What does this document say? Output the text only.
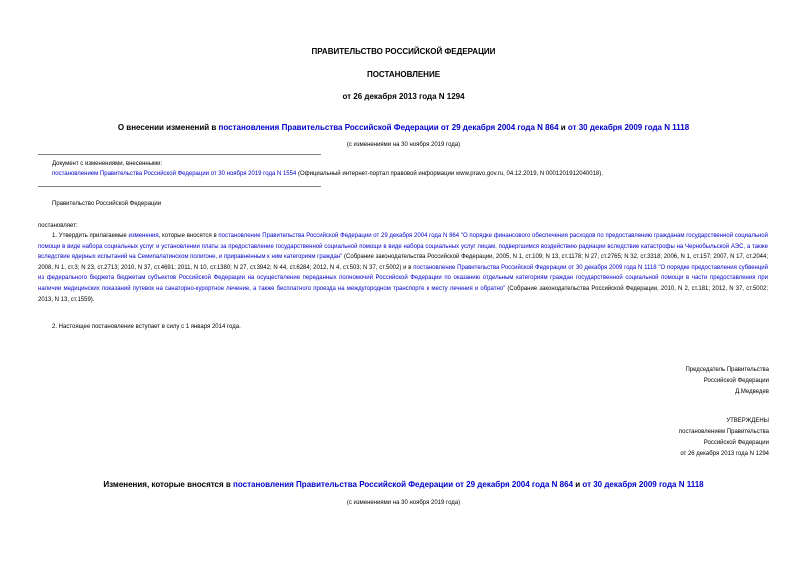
ПРАВИТЕЛЬСТВО РОССИЙСКОЙ ФЕДЕРАЦИИ
ПОСТАНОВЛЕНИЕ
от 26 декабря 2013 года N 1294
О внесении изменений в постановления Правительства Российской Федерации от 29 декабря 2004 года N 864 и от 30 декабря 2009 года N 1118
(с изменениями на 30 ноября 2019 года)
Документ с изменениями, внесенными:
постановлением Правительства Российской Федерации от 30 ноября 2019 года N 1554 (Официальный интернет-портал правовой информации www.pravo.gov.ru, 04.12.2019, N 0001201912040018).
Правительство Российской Федерации
постановляет:
1. Утвердить прилагаемые изменения, которые вносятся в постановление Правительства Российской Федерации от 29 декабря 2004 года N 864 "О порядке финансового обеспечения расходов по предоставлению гражданам государственной социальной помощи в виде набора социальных услуг и установлении платы за предоставление государственной социальной помощи в виде набора социальных услуг лицам, подвергшимся воздействию радиации вследствие катастрофы на Чернобыльской АЭС, а также вследствие ядерных испытаний на Семипалатинском полигоне, и приравненным к ним категориям граждан" (Собрание законодательства Российской Федерации, 2005, N 1, ст.109; N 13, ст.1178; N 27, ст.2765; N 32, ст.3318; 2006, N 1, ст.157; 2007, N 17, ст.2044; 2008, N 1, ст.3; N 23, ст.2713; 2010, N 37, ст.4691; 2011, N 10, ст.1380; N 27, ст.3942; N 44, ст.6284; 2012, N 4, ст.503; N 37, ст.5002) и в постановление Правительства Российской Федерации от 30 декабря 2009 года N 1118 "О порядке предоставления субвенций из федерального бюджета бюджетам субъектов Российской Федерации на осуществление переданных полномочий Российской Федерации по оказанию отдельным категориям граждан государственной социальной помощи в части предоставления при наличии медицинских показаний путевок на санаторно-курортное лечение, а также бесплатного проезда на междугородном транспорте к месту лечения и обратно" (Собрание законодательства Российской Федерации, 2010, N 2, ст.181; 2012, N 37, ст.5002; 2013, N 13, ст.1559).
2. Настоящее постановление вступает в силу с 1 января 2014 года.
Председатель Правительства
Российской Федерации
Д.Медведев
УТВЕРЖДЕНЫ
постановлением Правительства
Российской Федерации
от 26 декабря 2013 года N 1294
Изменения, которые вносятся в постановления Правительства Российской Федерации от 29 декабря 2004 года N 864 и от 30 декабря 2009 года N 1118
(с изменениями на 30 ноября 2019 года)
